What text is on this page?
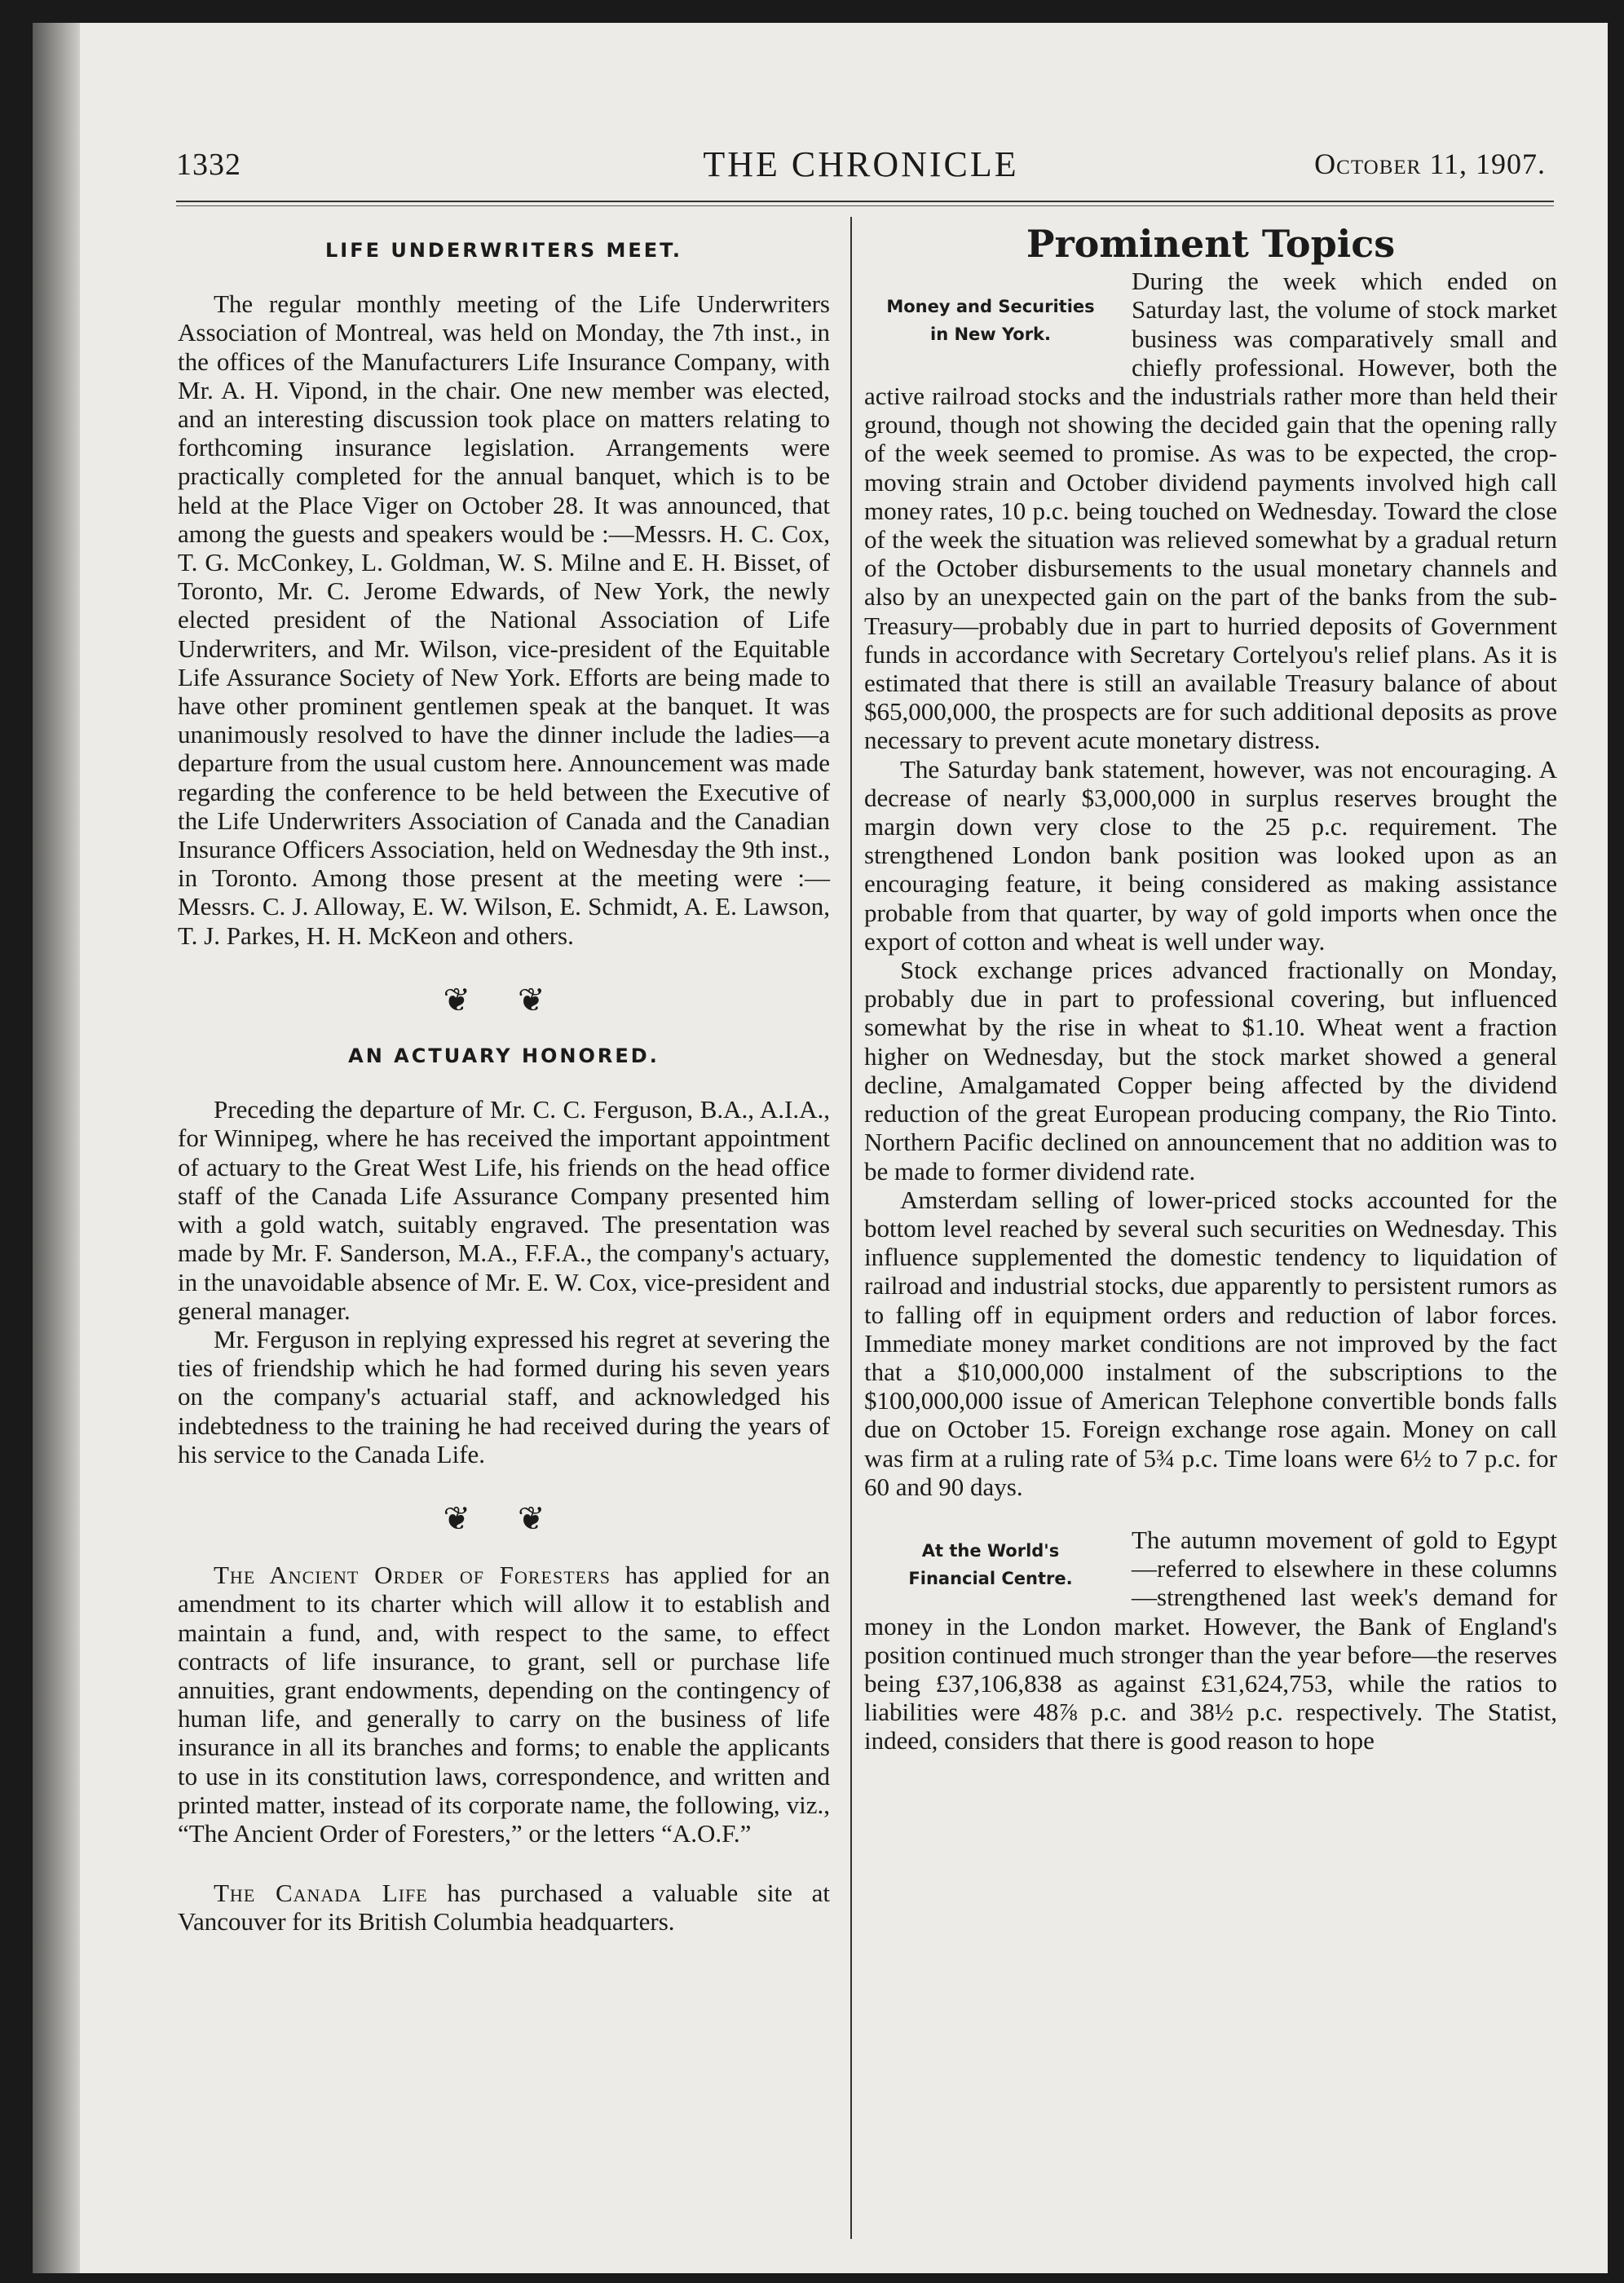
1332	THE CHRONICLE	October 11, 1907.
LIFE UNDERWRITERS MEET.

The regular monthly meeting of the Life Underwriters Association of Montreal, was held on Monday, the 7th inst., in the offices of the Manufacturers Life Insurance Company, with Mr. A. H. Vipond, in the chair. One new member was elected, and an interesting discussion took place on matters relating to forthcoming insurance legislation. Arrangements were practically completed for the annual banquet, which is to be held at the Place Viger on October 28. It was announced, that among the guests and speakers would be :—Messrs. H. C. Cox, T. G. McConkey, L. Goldman, W. S. Milne and E. H. Bisset, of Toronto, Mr. C. Jerome Edwards, of New York, the newly elected president of the National Association of Life Underwriters, and Mr. Wilson, vice-president of the Equitable Life Assurance Society of New York. Efforts are being made to have other prominent gentlemen speak at the banquet. It was unanimously resolved to have the dinner include the ladies—a departure from the usual custom here. Announcement was made regarding the conference to be held between the Executive of the Life Underwriters Association of Canada and the Canadian Insurance Officers Association, held on Wednesday the 9th inst., in Toronto. Among those present at the meeting were :—Messrs. C. J. Alloway, E. W. Wilson, E. Schmidt, A. E. Lawson, T. J. Parkes, H. H. McKeon and others.

❦ ❦
AN ACTUARY HONORED.

Preceding the departure of Mr. C. C. Ferguson, B.A., A.I.A., for Winnipeg, where he has received the important appointment of actuary to the Great West Life, his friends on the head office staff of the Canada Life Assurance Company presented him with a gold watch, suitably engraved. The presentation was made by Mr. F. Sanderson, M.A., F.F.A., the company's actuary, in the unavoidable absence of Mr. E. W. Cox, vice-president and general manager.

Mr. Ferguson in replying expressed his regret at severing the ties of friendship which he had formed during his seven years on the company's actuarial staff, and acknowledged his indebtedness to the training he had received during the years of his service to the Canada Life.

❦ ❦

The Ancient Order of Foresters has applied for an amendment to its charter which will allow it to establish and maintain a fund, and, with respect to the same, to effect contracts of life insurance, to grant, sell or purchase life annuities, grant endowments, depending on the contingency of human life, and generally to carry on the business of life insurance in all its branches and forms; to enable the applicants to use in its constitution laws, correspondence, and written and printed matter, instead of its corporate name, the following, viz., “The Ancient Order of Foresters,” or the letters “A.O.F.”

The Canada Life has purchased a valuable site at Vancouver for its British Columbia headquarters.

Prominent Topics
Money and Securities
in New York.

During the week which ended on Saturday last, the volume of stock market business was comparatively small and chiefly professional. However, both the active railroad stocks and the industrials rather more than held their ground, though not showing the decided gain that the opening rally of the week seemed to promise. As was to be expected, the crop-moving strain and October dividend payments involved high call money rates, 10 p.c. being touched on Wednesday. Toward the close of the week the situation was relieved somewhat by a gradual return of the October disbursements to the usual monetary channels and also by an unexpected gain on the part of the banks from the sub-Treasury—probably due in part to hurried deposits of Government funds in accordance with Secretary Cortelyou's relief plans. As it is estimated that there is still an available Treasury balance of about $65,000,000, the prospects are for such additional deposits as prove necessary to prevent acute monetary distress.

The Saturday bank statement, however, was not encouraging. A decrease of nearly $3,000,000 in surplus reserves brought the margin down very close to the 25 p.c. requirement. The strengthened London bank position was looked upon as an encouraging feature, it being considered as making assistance probable from that quarter, by way of gold imports when once the export of cotton and wheat is well under way.

Stock exchange prices advanced fractionally on Monday, probably due in part to professional covering, but influenced somewhat by the rise in wheat to $1.10. Wheat went a fraction higher on Wednesday, but the stock market showed a general decline, Amalgamated Copper being affected by the dividend reduction of the great European producing company, the Rio Tinto. Northern Pacific declined on announcement that no addition was to be made to former dividend rate.

Amsterdam selling of lower-priced stocks accounted for the bottom level reached by several such securities on Wednesday. This influence supplemented the domestic tendency to liquidation of railroad and industrial stocks, due apparently to persistent rumors as to falling off in equipment orders and reduction of labor forces. Immediate money market conditions are not improved by the fact that a $10,000,000 instalment of the subscriptions to the $100,000,000 issue of American Telephone convertible bonds falls due on October 15. Foreign exchange rose again. Money on call was firm at a ruling rate of 5¾ p.c. Time loans were 6½ to 7 p.c. for 60 and 90 days.

At the World's
Financial Centre.

The autumn movement of gold to Egypt—referred to elsewhere in these columns—strengthened last week's demand for money in the London market. However, the Bank of England's position continued much stronger than the year before—the reserves being £37,106,838 as against £31,624,753, while the ratios to liabilities were 48⅞ p.c. and 38½ p.c. respectively. The Statist, indeed, considers that there is good reason to hope
